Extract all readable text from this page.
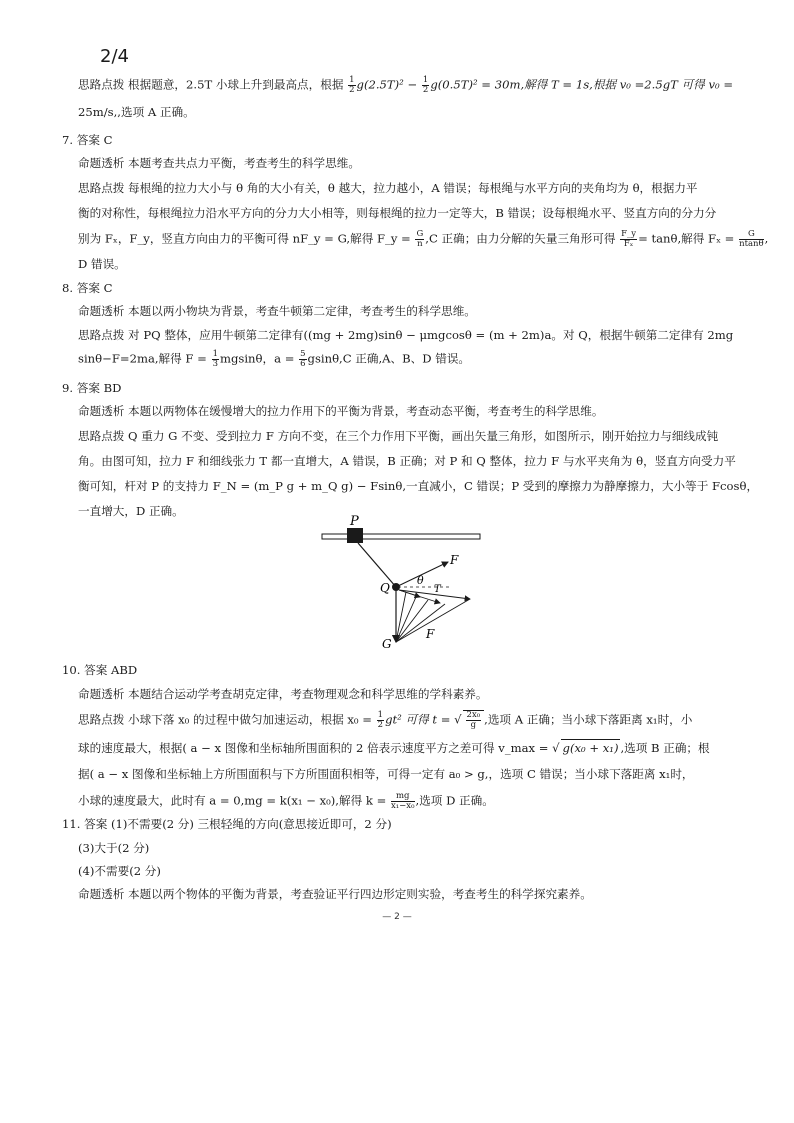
2/4
思路点拨 根据题意，2.5T 小球上升到最高点，根据 $\frac{1}{2} g(2.5T)^2 - \frac{1}{2} g(0.5T)^2 = 30m$,解得 T = 1s,根据 v₀ =2.5gT 可得 v₀ =
25m/s,,选项 A 正确。
7. 答案 C
命题透析 本题考查共点力平衡，考查考生的科学思维。
思路点拨 每根绳的拉力大小与 θ 角的大小有关，θ 越大，拉力越小，A 错误；每根绳与水平方向的夹角均为 θ，根据力平
衡的对称性，每根绳拉力沿水平方向的分力大小相等，则每根绳的拉力一定等大，B 错误；设每根绳水平、竖直方向的分力分
别为 Fₓ，F_y，竖直方向由力的平衡可得 nF_y = G,解得 F_y = $\frac{G}{n} ,C$ 正确；由力分解的矢量三角形可得 $\frac{F\_y}{\text{Fₓ}} = \tan\theta$,解得 $F_x = \frac{G}{ntan\theta}$ ,
D 错误。
8. 答案 C
命题透析 本题以两小物块为背景，考查牛顿第二定律，考查考生的科学思维。
思路点拨 对 PQ 整体，应用牛顿第二定律有((mg + 2mg)sinθ − μmgcosθ = (m + 2m)a。对 Q，根据牛顿第二定律有 2mg
sinθ−F=2ma,解得 $F = \frac{1}{3}$ mgsinθ，$a = \frac{5}{6} gsin\theta,C$ 正确,A、B、D 错误。
9. 答案 BD
命题透析 本题以两物体在缓慢增大的拉力作用下的平衡为背景，考查动态平衡，考查考生的科学思维。
思路点拨 Q 重力 G 不变、受到拉力 F 方向不变，在三个力作用下平衡，画出矢量三角形，如图所示，刚开始拉力与细线成钝
角。由图可知，拉力 F 和细线张力 T 都一直增大，A 错误，B 正确；对 P 和 Q 整体，拉力 F 与水平夹角为 θ，竖直方向受力平
衡可知，杆对 P 的支持力 F_N = (m_P g + m_Q g) − Fsinθ,一直减小，C 错误；P 受到的摩擦力为静摩擦力，大小等于 Fcosθ，
一直增大，D 正确。
P
F
θ
T
Q
G
F
10. 答案 ABD
命题透析 本题结合运动学考查胡克定律，考查物理观念和科学思维的学科素养。
思路点拨 小球下落 x₀ 的过程中做匀加速运动，根据 $x_0 = \frac{1}{2} gt^2$ 可得 t = √ $\frac{\text{2x₀}}{g}$ ,选项 A 正确；当小球下落距离 x₁时，小
球的速度最大，根据( a − x 图像和坐标轴所围面积的 2 倍表示速度平方之差可得 v_max = √ g(x₀ + x₁) ,选项 B 正确；根
据( a − x 图像和坐标轴上方所围面积与下方所围面积相等，可得一定有 a₀ > g,，选项 C 错误；当小球下落距离 x₁时，
小球的速度最大，此时有 a = 0,mg = k(x₁ − x₀),解得 $k = \frac{mg}{\text{x₁−x₀}}$ ,选项 D 正确。
11. 答案 (1)不需要(2 分) 三根轻绳的方向(意思接近即可，2 分)
(3)大于(2 分)
(4)不需要(2 分)
命题透析 本题以两个物体的平衡为背景，考查验证平行四边形定则实验，考查考生的科学探究素养。
— 2 —
